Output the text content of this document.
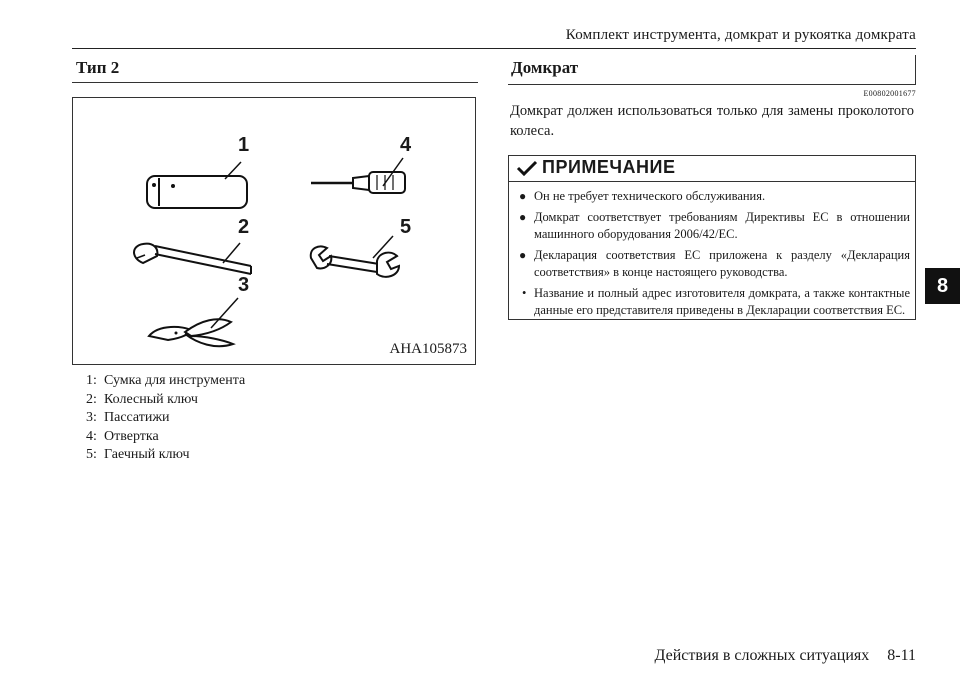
Комплект инструмента, домкрат и рукоятка домкрата
Тип 2
1	4
2	5
3
AHA105873
1: Сумка для инструмента
2: Колесный ключ
3: Пассатижи
4: Отвертка
5: Гаечный ключ
Домкрат
E00802001677
Домкрат должен использоваться только для замены проколотого колеса.
ПРИМЕЧАНИЕ
● Он не требует технического обслуживания.
● Домкрат соответствует требованиям Директивы ЕС в отношении машинного оборудования 2006/42/EC.
● Декларация соответствия ЕС приложена к разделу «Декларация соответствия» в конце настоящего руководства.
• Название и полный адрес изготовителя домкрата, а также контактные данные его представителя приведены в Декларации соответствия ЕС.
8
Действия в сложных ситуациях 8-11
